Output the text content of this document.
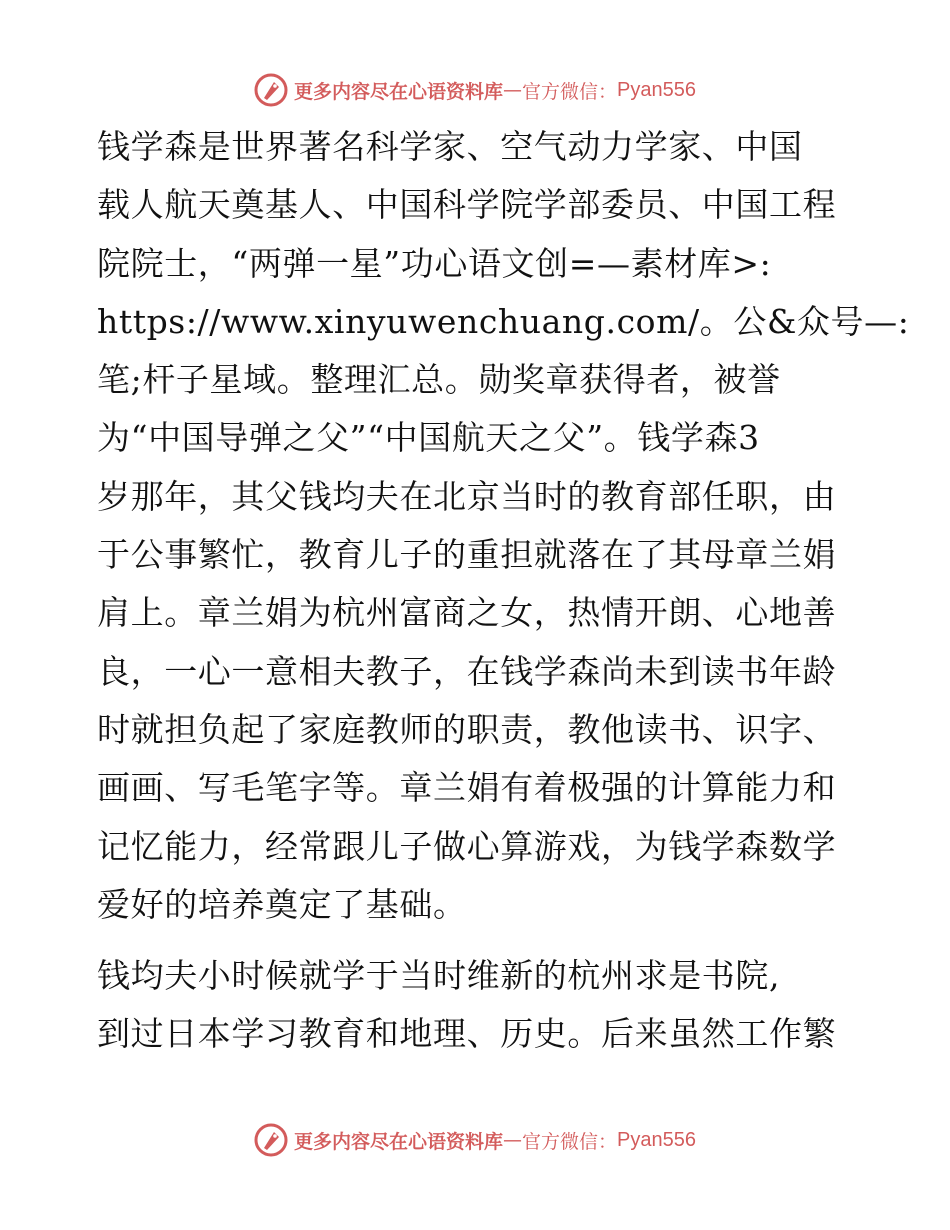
更多内容尽在心语资料库 — 官方微信： Pyan556

钱学森是世界著名科学家、空气动力学家、中国
载人航天奠基人、中国科学院学部委员、中国工程
院院士，“两弹一星”功心语文创=—素材库>:
https://www.xinyuwenchuang.com/。公&众号—:
笔;杆子星域。整理汇总。勋奖章获得者，被誉
为“中国导弹之父”“中国航天之父”。钱学森3
岁那年，其父钱均夫在北京当时的教育部任职，由
于公事繁忙，教育儿子的重担就落在了其母章兰娟
肩上。章兰娟为杭州富商之女，热情开朗、心地善
良，一心一意相夫教子，在钱学森尚未到读书年龄
时就担负起了家庭教师的职责，教他读书、识字、
画画、写毛笔字等。章兰娟有着极强的计算能力和
记忆能力，经常跟儿子做心算游戏，为钱学森数学
爱好的培养奠定了基础。

钱均夫小时候就学于当时维新的杭州求是书院,
到过日本学习教育和地理、历史。后来虽然工作繁

更多内容尽在心语资料库 — 官方微信： Pyan556
